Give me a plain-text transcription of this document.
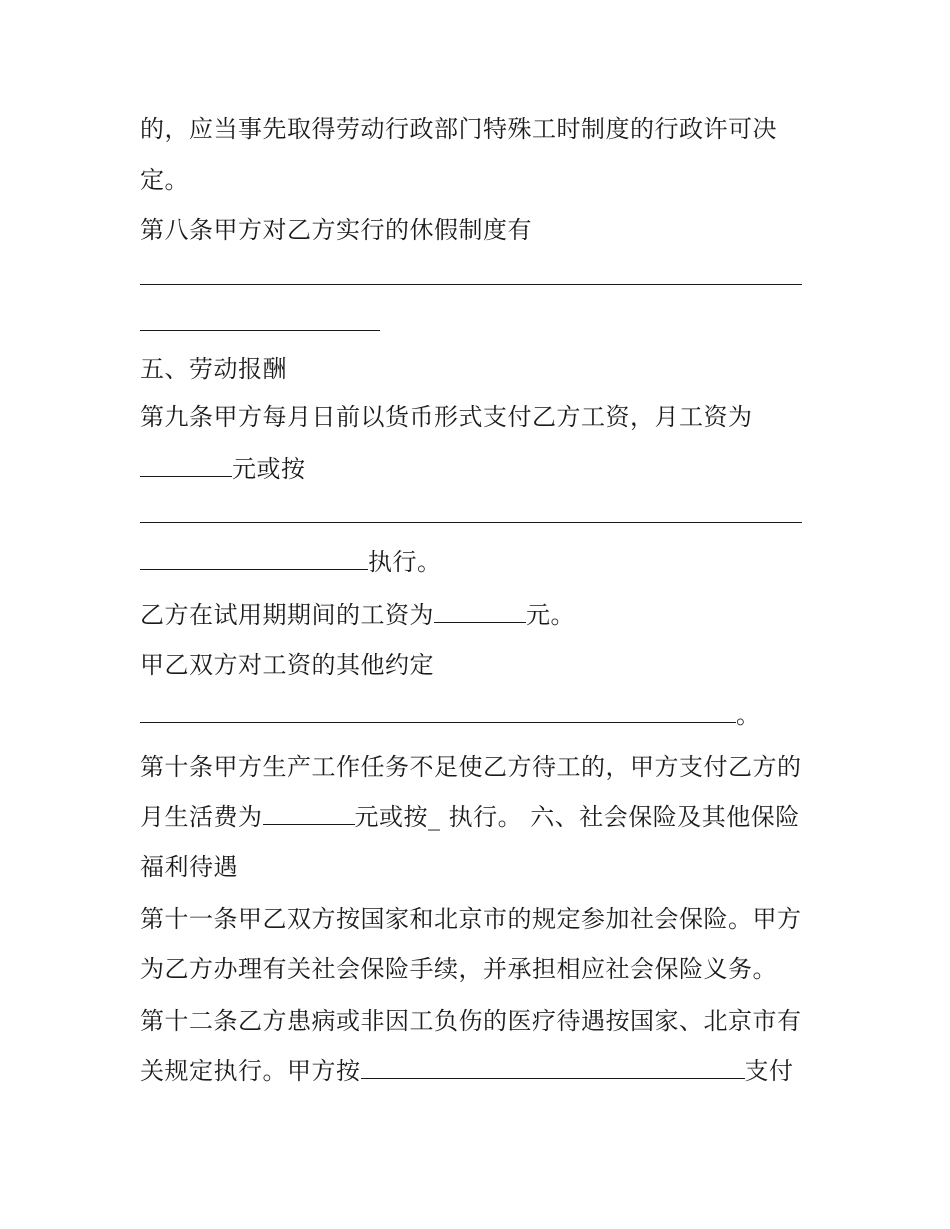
的，应当事先取得劳动行政部门特殊工时制度的行政许可决
定。
第八条甲方对乙方实行的休假制度有
五、劳动报酬
第九条甲方每月日前以货币形式支付乙方工资，月工资为
元或按
执行。
乙方在试用期期间的工资为	元。
甲乙双方对工资的其他约定
。
第十条甲方生产工作任务不足使乙方待工的，甲方支付乙方的
月生活费为	元或按_ 执行。 六、社会保险及其他保险
福利待遇
第十一条甲乙双方按国家和北京市的规定参加社会保险。甲方
为乙方办理有关社会保险手续，并承担相应社会保险义务。
第十二条乙方患病或非因工负伤的医疗待遇按国家、北京市有
关规定执行。甲方按	支付
